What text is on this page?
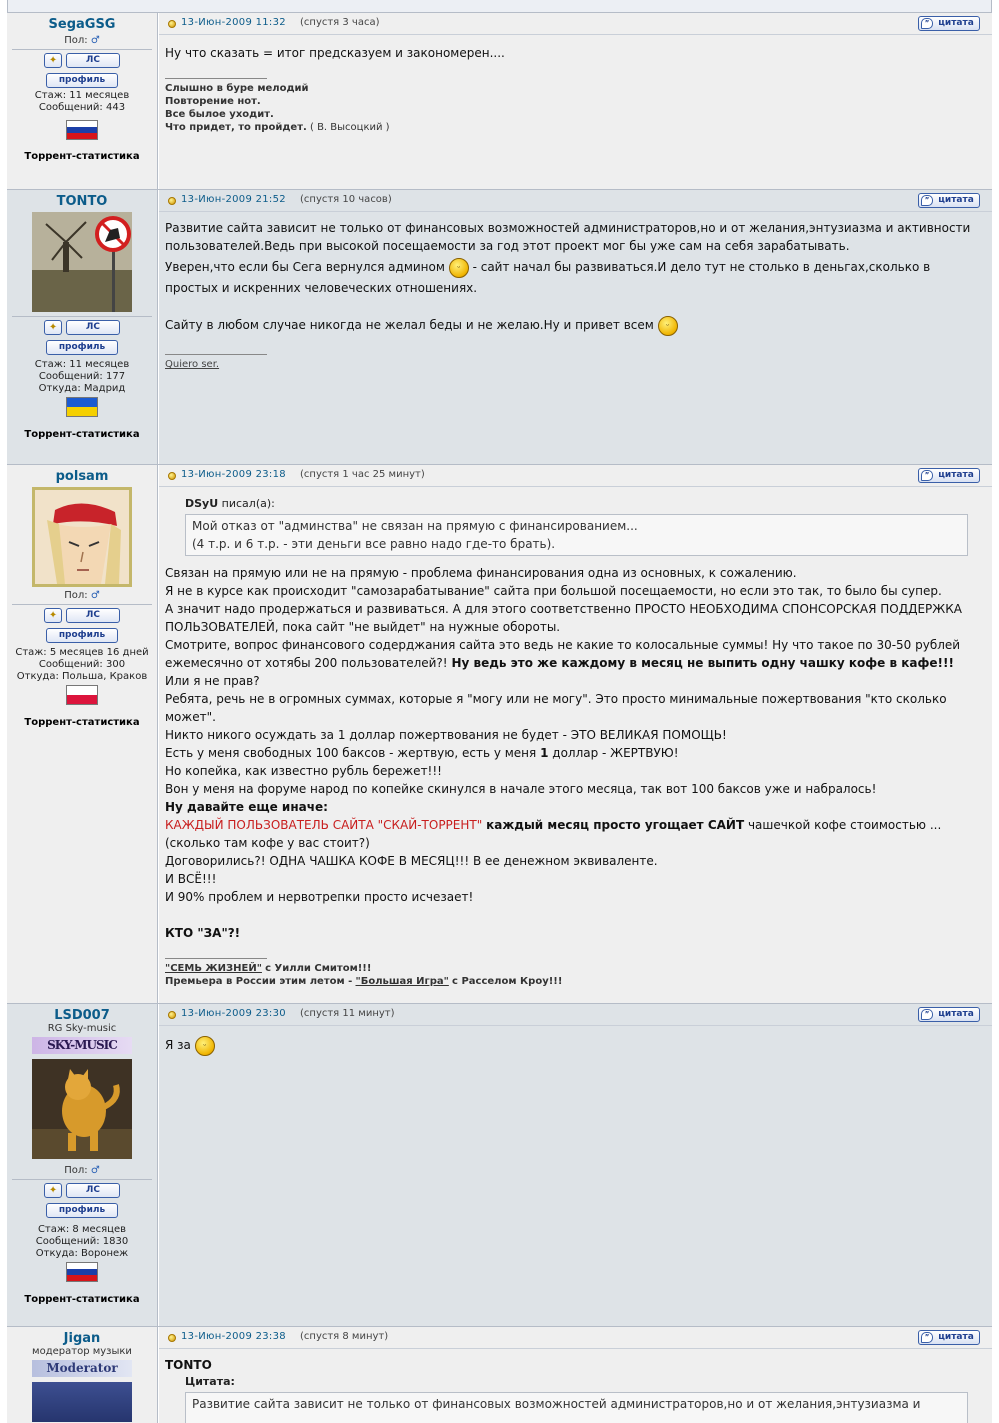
SegaGSG
Пол: ♂
✦	ЛС
профиль
Стаж: 11 месяцев
Сообщений: 443
Торрент-статистика
13-Июн-2009 11:32 (спустя 3 часа)	” цитата

Ну что сказать = итог предсказуем и закономерен....

Слышно в буре мелодий
Повторение нот.
Все былое уходит.
Что придет, то пройдет. ( В. Высоцкий )
TONTO
✦	ЛС
профиль
Стаж: 11 месяцев
Сообщений: 177
Откуда: Мадрид
Торрент-статистика
13-Июн-2009 21:52 (спустя 10 часов)	” цитата

Развитие сайта зависит не только от финансовых возможностей администраторов,но и от желания,энтузиазма и активности

пользователей.Ведь при высокой посещаемости за год этот проект мог бы уже сам на себя зарабатывать.

Уверен,что если бы Сега вернулся админом ᵕ - сайт начал бы развиваться.И дело тут не столько в деньгах,сколько в

простых и искренних человеческих отношениях.

Сайту в любом случае никогда не желал беды и не желаю.Ну и привет всем ᵕ

Quiero ser.
polsam
Пол: ♂
✦	ЛС
профиль
Стаж: 5 месяцев 16 дней
Сообщений: 300
Откуда: Польша, Краков
Торрент-статистика
13-Июн-2009 23:18 (спустя 1 час 25 минут)	” цитата
DSyU писал(а):
Мой отказ от "админства" не связан на прямую с финансированием...
(4 т.р. и 6 т.р. - эти деньги все равно надо где-то брать).

Связан на прямую или не на прямую - проблема финансирования одна из основных, к сожалению.

Я не в курсе как происходит "самозарабатывание" сайта при большой посещаемости, но если это так, то было бы супер.

А значит надо продержаться и развиваться. А для этого соответственно ПРОСТО НЕОБХОДИМА СПОНСОРСКАЯ ПОДДЕРЖКА

ПОЛЬЗОВАТЕЛЕЙ, пока сайт "не выйдет" на нужные обороты.

Смотрите, вопрос финансового содерджания сайта это ведь не какие то колосальные суммы! Ну что такое по 30-50 рублей

ежемесячно от хотябы 200 пользователей?! Ну ведь это же каждому в месяц не выпить одну чашку кофе в кафе!!!

Или я не прав?

Ребята, речь не в огромных суммах, которые я "могу или не могу". Это просто минимальные пожертвования "кто сколько

может".

Никто никого осуждать за 1 доллар пожертвования не будет - ЭТО ВЕЛИКАЯ ПОМОЩЬ!

Есть у меня свободных 100 баксов - жертвую, есть у меня 1 доллар - ЖЕРТВУЮ!

Но копейка, как известно рубль бережет!!!

Вон у меня на форуме народ по копейке скинулся в начале этого месяца, так вот 100 баксов уже и набралось!

Ну давайте еще иначе:

КАЖДЫЙ ПОЛЬЗОВАТЕЛЬ САЙТА "СКАЙ-ТОРРЕНТ" каждый месяц просто угощает САЙТ чашечкой кофе стоимостью ...

(сколько там кофе у вас стоит?)

Договорились?! ОДНА ЧАШКА КОФЕ В МЕСЯЦ!!! В ее денежном эквиваленте.

И ВСЁ!!!

И 90% проблем и нервотрепки просто исчезает!

КТО "ЗА"?!

"СЕМЬ ЖИЗНЕЙ" с Уилли Смитом!!!
Премьера в России этим летом - "Большая Игра" с Расселом Кроу!!!
LSD007
RG Sky-music
SKY-MUSIC
Пол: ♂
✦	ЛС
профиль
Стаж: 8 месяцев
Сообщений: 1830
Откуда: Воронеж
Торрент-статистика
13-Июн-2009 23:30 (спустя 11 минут)	” цитата

Я за ᵕ

Jigan
модератор музыки
Moderator
13-Июн-2009 23:38 (спустя 8 минут)	” цитата

TONTO

Цитата:
Развитие сайта зависит не только от финансовых возможностей администраторов,но и от желания,энтузиазма и
